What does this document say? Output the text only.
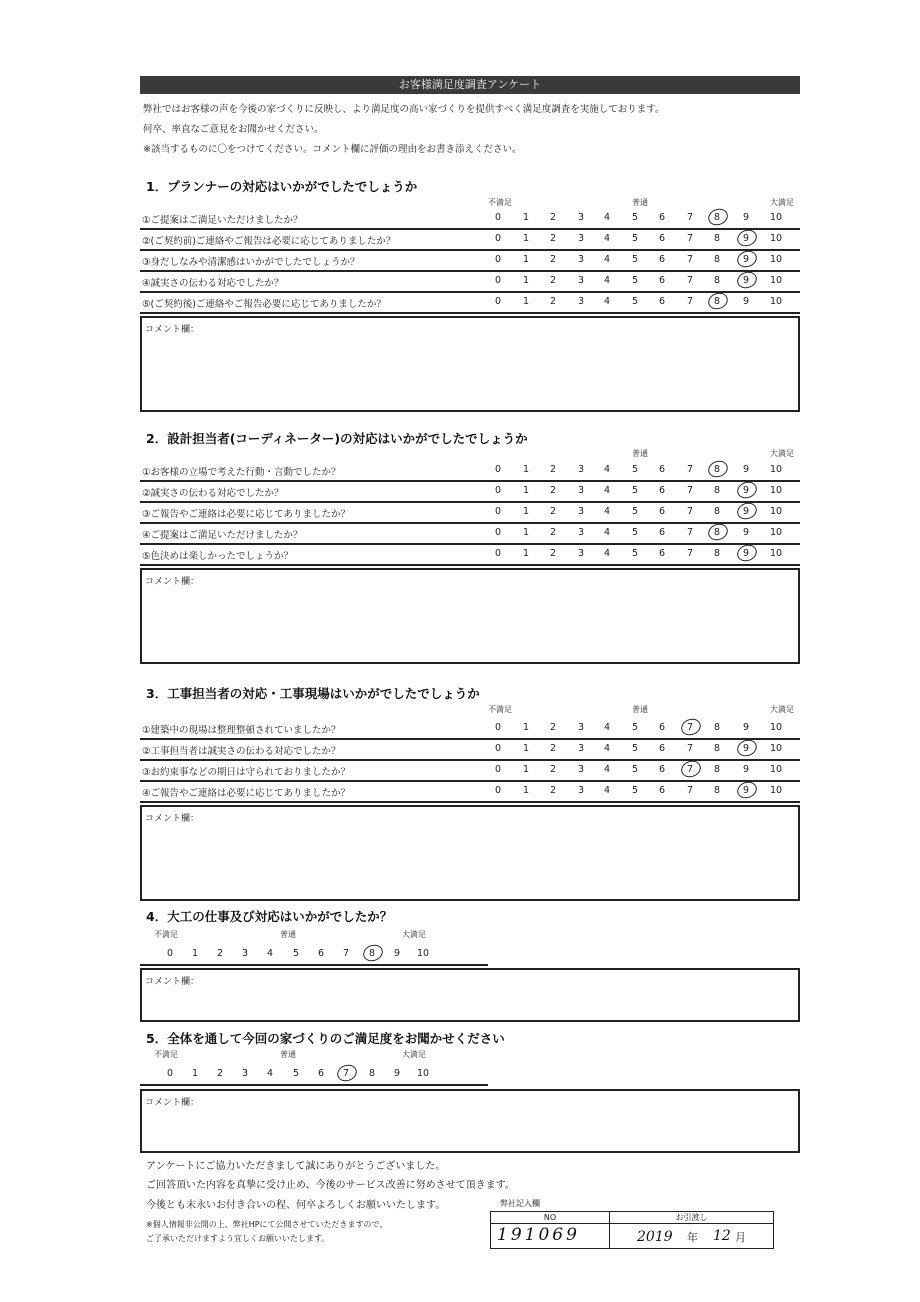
お客様満足度調査アンケート
弊社ではお客様の声を今後の家づくりに反映し、より満足度の高い家づくりを提供すべく満足度調査を実施しております。
何卒、率直なご意見をお聞かせください。
※該当するものに〇をつけてください。コメント欄に評価の理由をお書き添えください。
1．プランナーの対応はいかがでしたでしょうか
不満足	普通	大満足
①ご提案はご満足いただけましたか？	0	1	2	3	4	5	6	7	8	9	10
②(ご契約前)ご連絡やご報告は必要に応じてありましたか？	0	1	2	3	4	5	6	7	8	9	10
③身だしなみや清潔感はいかがでしたでしょうか？	0	1	2	3	4	5	6	7	8	9	10
④誠実さの伝わる対応でしたか？	0	1	2	3	4	5	6	7	8	9	10
⑤(ご契約後)ご連絡やご報告必要に応じてありましたか？	0	1	2	3	4	5	6	7	8	9	10
コメント欄：
2．設計担当者(コーディネーター)の対応はいかがでしたでしょうか
普通	大満足
①お客様の立場で考えた行動・言動でしたか？	0	1	2	3	4	5	6	7	8	9	10
②誠実さの伝わる対応でしたか？	0	1	2	3	4	5	6	7	8	9	10
③ご報告やご連絡は必要に応じてありましたか？	0	1	2	3	4	5	6	7	8	9	10
④ご提案はご満足いただけましたか？	0	1	2	3	4	5	6	7	8	9	10
⑤色決めは楽しかったでしょうか？	0	1	2	3	4	5	6	7	8	9	10
コメント欄：
3．工事担当者の対応・工事現場はいかがでしたでしょうか
不満足	普通	大満足
①建築中の現場は整理整頓されていましたか？	0	1	2	3	4	5	6	7	8	9	10
②工事担当者は誠実さの伝わる対応でしたか？	0	1	2	3	4	5	6	7	8	9	10
③お約束事などの期日は守られておりましたか？	0	1	2	3	4	5	6	7	8	9	10
④ご報告やご連絡は必要に応じてありましたか？	0	1	2	3	4	5	6	7	8	9	10
コメント欄：
4．大工の仕事及び対応はいかがでしたか？
不満足	普通	大満足
0	1	2	3	4	5	6	7	8	9	10
コメント欄：
5．全体を通して今回の家づくりのご満足度をお聞かせください
不満足	普通	大満足
0	1	2	3	4	5	6	7	8	9	10
コメント欄：
アンケートにご協力いただきまして誠にありがとうございました。
ご回答頂いた内容を真摯に受け止め、今後のサービス改善に努めさせて頂きます。
今後とも末永いお付き合いの程、何卒よろしくお願いいたします。
※個人情報非公開の上、弊社HPにて公開させていただきますので、
ご了承いただけますよう宜しくお願いいたします。
弊社記入欄
NO	お引渡し
191069	2019 年 12 月
